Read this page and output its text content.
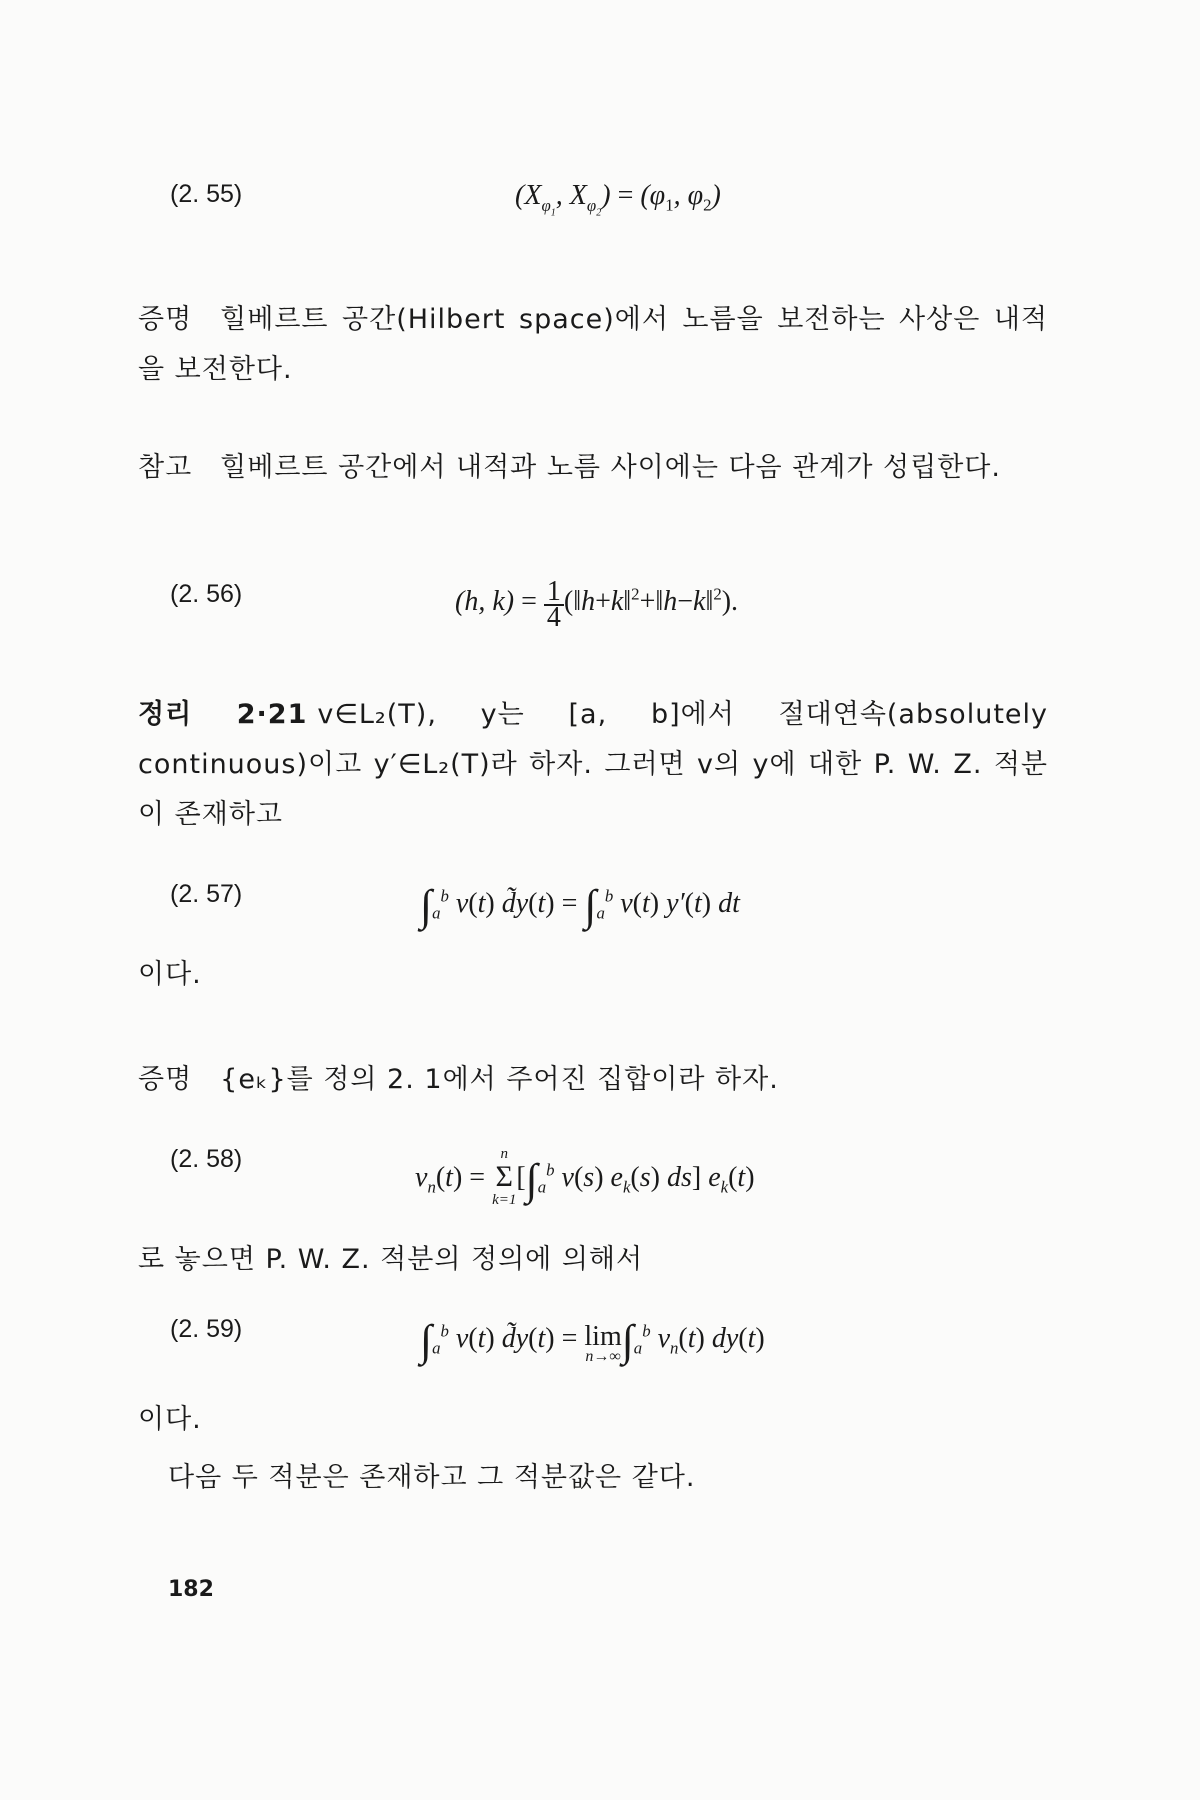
(2. 55)	($X_{\varphi_1}$, $X_{\varphi_2}) = (\varphi_1$, $\varphi_2$)
증명 힐베르트 공간(Hilbert space)에서 노름을 보전하는 사상은 내적을 보전한다.
참고 힐베르트 공간에서 내적과 노름 사이에는 다음 관계가 성립한다.
(2. 56)	(h, $k) = \frac{1}{4}$ (‖h+k‖$^2$+‖h−k‖$^2$).
정리 2·21 v∈L₂(T), y는 [a, b]에서 절대연속(absolutely continuous)이고 y′∈L₂(T)라 하자. 그러면 v의 y에 대한 P. W. Z. 적분이 존재하고
(2. 57)	$\int_a^b$ v(t) d̃y(t) = $\int_a^b$ v(t) y′(t) dt
이다.
증명 {eₖ}를 정의 2. 1에서 주어진 집합이라 하자.
(2. 58)
$v_n(t)$ =
n
Σ
k=1
[$\int_a^b$ v(s) $e_k(s)$ ds] $e_k(t)$
로 놓으면 P. W. Z. 적분의 정의에 의해서
(2. 59)	$\int_a^b$ v(t) d̃y(t) = lim
n→∞ $\int_a^b$ $v_n(t)$ dy(t)
이다.
다음 두 적분은 존재하고 그 적분값은 같다.
182
